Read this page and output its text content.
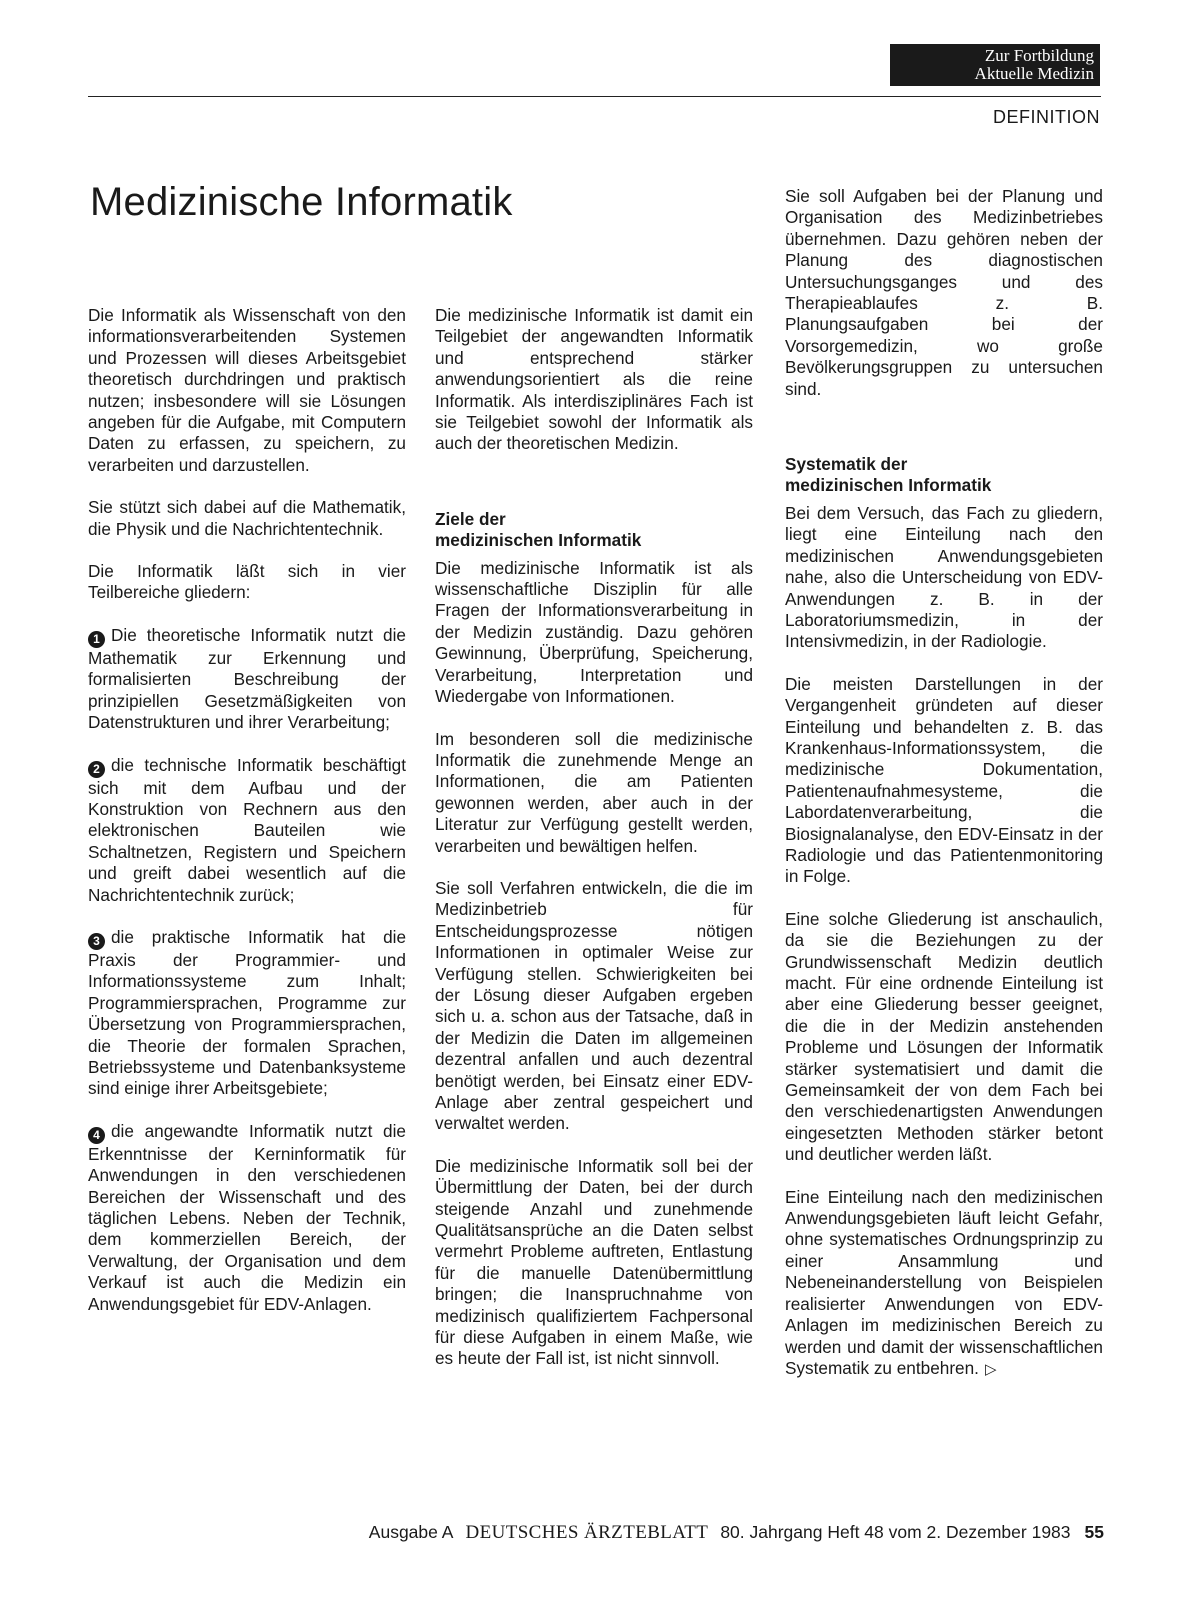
Zur Fortbildung
Aktuelle Medizin
DEFINITION
Medizinische Informatik

Die Informatik als Wissenschaft von den informationsverarbeitenden Systemen und Prozessen will dieses Arbeitsgebiet theoretisch durchdringen und praktisch nutzen; insbesondere will sie Lösungen angeben für die Aufgabe, mit Computern Daten zu erfassen, zu speichern, zu verarbeiten und darzustellen.

Sie stützt sich dabei auf die Mathematik, die Physik und die Nachrichtentechnik.

Die Informatik läßt sich in vier Teilbereiche gliedern:

1 Die theoretische Informatik nutzt die Mathematik zur Erkennung und formalisierten Beschreibung der prinzipiellen Gesetzmäßigkeiten von Datenstrukturen und ihrer Verarbeitung;

2 die technische Informatik beschäftigt sich mit dem Aufbau und der Konstruktion von Rechnern aus den elektronischen Bauteilen wie Schaltnetzen, Registern und Speichern und greift dabei wesentlich auf die Nachrichtentechnik zurück;

3 die praktische Informatik hat die Praxis der Programmier- und Informationssysteme zum Inhalt; Programmiersprachen, Programme zur Übersetzung von Programmiersprachen, die Theorie der formalen Sprachen, Betriebssysteme und Datenbanksysteme sind einige ihrer Arbeitsgebiete;

4 die angewandte Informatik nutzt die Erkenntnisse der Kerninformatik für Anwendungen in den verschiedenen Bereichen der Wissenschaft und des täglichen Lebens. Neben der Technik, dem kommerziellen Bereich, der Verwaltung, der Organisation und dem Verkauf ist auch die Medizin ein Anwendungsgebiet für EDV-Anlagen.

Die medizinische Informatik ist damit ein Teilgebiet der angewandten Informatik und entsprechend stärker anwendungsorientiert als die reine Informatik. Als interdisziplinäres Fach ist sie Teilgebiet sowohl der Informatik als auch der theoretischen Medizin.

Ziele der
medizinischen Informatik

Die medizinische Informatik ist als wissenschaftliche Disziplin für alle Fragen der Informationsverarbeitung in der Medizin zuständig. Dazu gehören Gewinnung, Überprüfung, Speicherung, Verarbeitung, Interpretation und Wiedergabe von Informationen.

Im besonderen soll die medizinische Informatik die zunehmende Menge an Informationen, die am Patienten gewonnen werden, aber auch in der Literatur zur Verfügung gestellt werden, verarbeiten und bewältigen helfen.

Sie soll Verfahren entwickeln, die die im Medizinbetrieb für Entscheidungsprozesse nötigen Informationen in optimaler Weise zur Verfügung stellen. Schwierigkeiten bei der Lösung dieser Aufgaben ergeben sich u. a. schon aus der Tatsache, daß in der Medizin die Daten im allgemeinen dezentral anfallen und auch dezentral benötigt werden, bei Einsatz einer EDV-Anlage aber zentral gespeichert und verwaltet werden.

Die medizinische Informatik soll bei der Übermittlung der Daten, bei der durch steigende Anzahl und zunehmende Qualitätsansprüche an die Daten selbst vermehrt Probleme auftreten, Entlastung für die manuelle Datenübermittlung bringen; die Inanspruchnahme von medizinisch qualifiziertem Fachpersonal für diese Aufgaben in einem Maße, wie es heute der Fall ist, ist nicht sinnvoll.

Sie soll Aufgaben bei der Planung und Organisation des Medizinbetriebes übernehmen. Dazu gehören neben der Planung des diagnostischen Untersuchungsganges und des Therapieablaufes z. B. Planungsaufgaben bei der Vorsorgemedizin, wo große Bevölkerungsgruppen zu untersuchen sind.

Systematik der
medizinischen Informatik

Bei dem Versuch, das Fach zu gliedern, liegt eine Einteilung nach den medizinischen Anwendungsgebieten nahe, also die Unterscheidung von EDV-Anwendungen z. B. in der Laboratoriumsmedizin, in der Intensivmedizin, in der Radiologie.

Die meisten Darstellungen in der Vergangenheit gründeten auf dieser Einteilung und behandelten z. B. das Krankenhaus-Informationssystem, die medizinische Dokumentation, Patientenaufnahmesysteme, die Labordatenverarbeitung, die Biosignalanalyse, den EDV-Einsatz in der Radiologie und das Patientenmonitoring in Folge.

Eine solche Gliederung ist anschaulich, da sie die Beziehungen zu der Grundwissenschaft Medizin deutlich macht. Für eine ordnende Einteilung ist aber eine Gliederung besser geeignet, die die in der Medizin anstehenden Probleme und Lösungen der Informatik stärker systematisiert und damit die Gemeinsamkeit der von dem Fach bei den verschiedenartigsten Anwendungen eingesetzten Methoden stärker betont und deutlicher werden läßt.

Eine Einteilung nach den medizinischen Anwendungsgebieten läuft leicht Gefahr, ohne systematisches Ordnungsprinzip zu einer Ansammlung und Nebeneinanderstellung von Beispielen realisierter Anwendungen von EDV-Anlagen im medizinischen Bereich zu werden und damit der wissenschaftlichen Systematik zu entbehren. ▷

Ausgabe A DEUTSCHES ÄRZTEBLATT 80. Jahrgang Heft 48 vom 2. Dezember 1983 55
